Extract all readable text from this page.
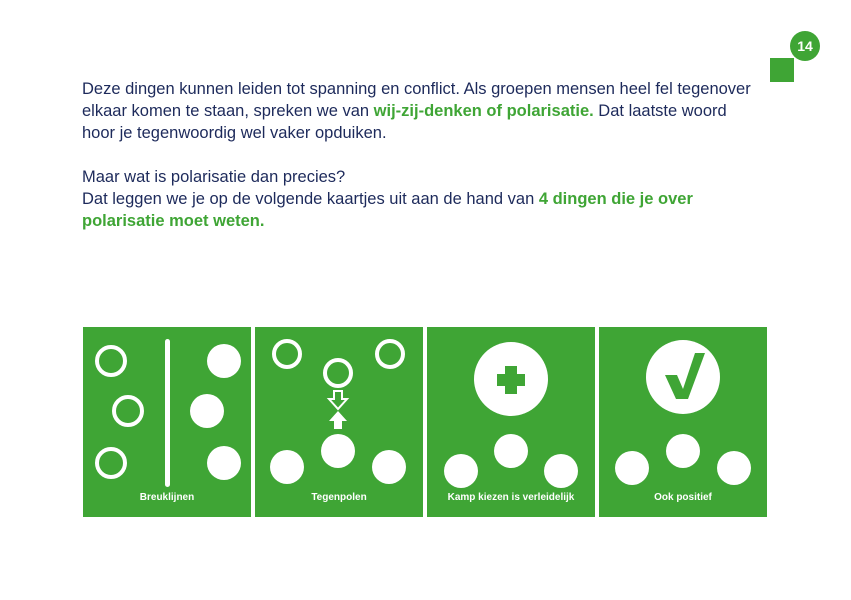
14

Deze dingen kunnen leiden tot spanning en conflict. Als groepen mensen heel fel tegenover elkaar komen te staan, spreken we van wij-zij-denken of polarisatie. Dat laatste woord hoor je tegenwoordig wel vaker opduiken.

Maar wat is polarisatie dan precies?
Dat leggen we je op de volgende kaartjes uit aan de hand van 4 dingen die je over polarisatie moet weten.

Breuklijnen	Tegenpolen	Kamp kiezen is verleidelijk	Ook positief
